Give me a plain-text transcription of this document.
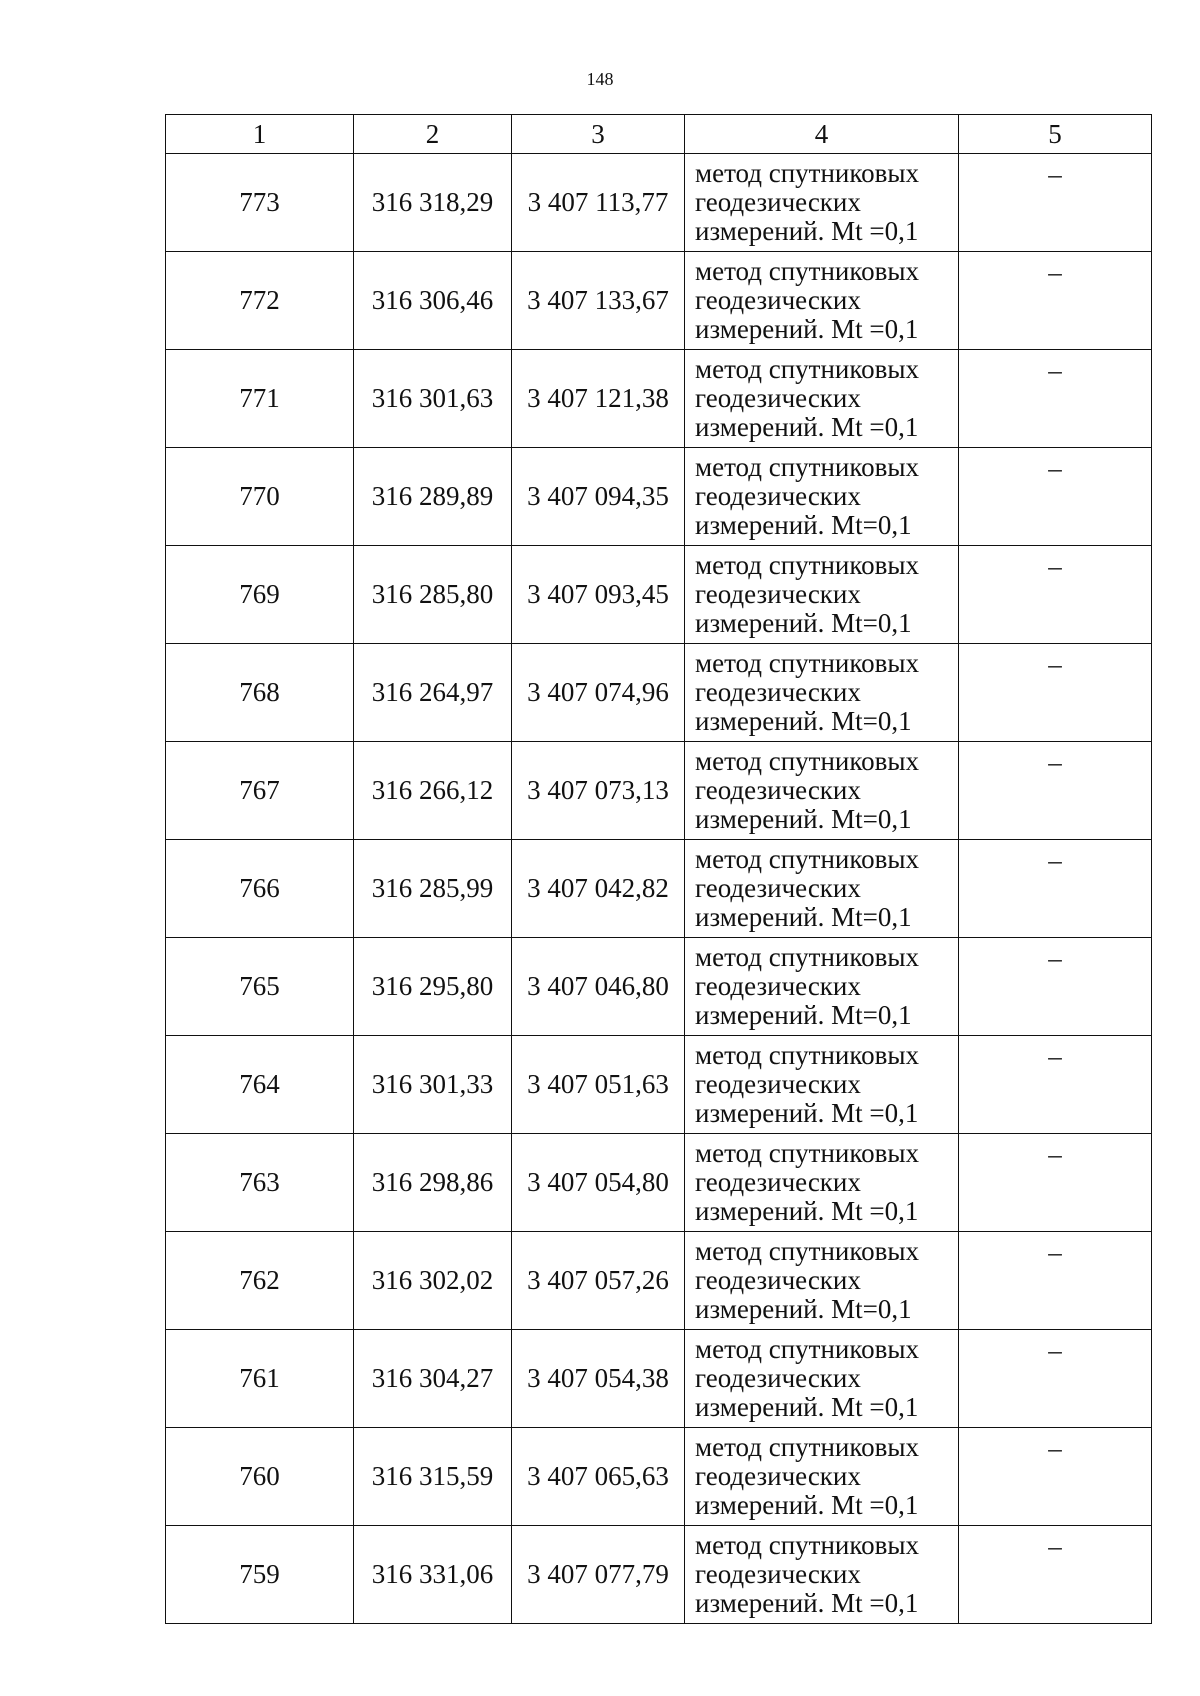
148
1	2	3	4	5
773	316 318,29	3 407 113,77	метод спутниковых
геодезических
измерений. Mt =0,1	–
772	316 306,46	3 407 133,67	метод спутниковых
геодезических
измерений. Mt =0,1	–
771	316 301,63	3 407 121,38	метод спутниковых
геодезических
измерений. Mt =0,1	–
770	316 289,89	3 407 094,35	метод спутниковых
геодезических
измерений. Mt=0,1	–
769	316 285,80	3 407 093,45	метод спутниковых
геодезических
измерений. Mt=0,1	–
768	316 264,97	3 407 074,96	метод спутниковых
геодезических
измерений. Mt=0,1	–
767	316 266,12	3 407 073,13	метод спутниковых
геодезических
измерений. Mt=0,1	–
766	316 285,99	3 407 042,82	метод спутниковых
геодезических
измерений. Mt=0,1	–
765	316 295,80	3 407 046,80	метод спутниковых
геодезических
измерений. Mt=0,1	–
764	316 301,33	3 407 051,63	метод спутниковых
геодезических
измерений. Mt =0,1	–
763	316 298,86	3 407 054,80	метод спутниковых
геодезических
измерений. Mt =0,1	–
762	316 302,02	3 407 057,26	метод спутниковых
геодезических
измерений. Mt=0,1	–
761	316 304,27	3 407 054,38	метод спутниковых
геодезических
измерений. Mt =0,1	–
760	316 315,59	3 407 065,63	метод спутниковых
геодезических
измерений. Mt =0,1	–
759	316 331,06	3 407 077,79	метод спутниковых
геодезических
измерений. Mt =0,1	–
